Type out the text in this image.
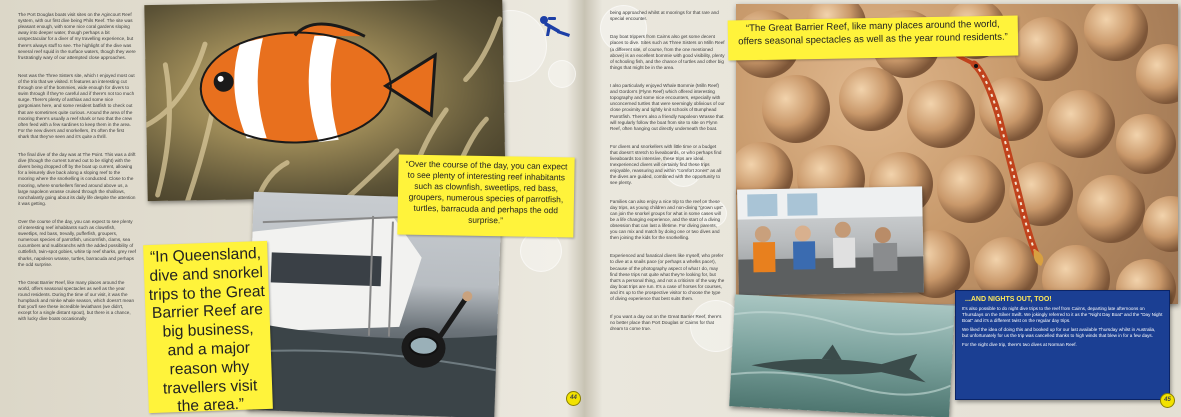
The Port Douglas boats visit sites on the Agincourt Reef system, with our first dive being Phils Reef. The site was pleasant enough, with some nice coral gardens sloping away into deeper water, though perhaps a bit unspectacular for a diver of my travelling experience, but there's always stuff to see. The highlight of the dive was several reef squid in the surface waters, though they were frustratingly wary of our attempted close approaches.

Next was the Three Sisters site, which I enjoyed most out of the trio that we visited. It features an interesting cut through one of the bommies, wide enough for divers to swim through if they're careful and if there's not too much surge. There's plenty of anthias and some nice gorgonians here, and some resident batfish to check out that are sometimes quite curious. Around the area of the mooring there's usually a reef shark or two that the crew often feed with a few sardines to keep them in the area. For the new divers and snorkellers, it's often the first shark that they've seen and it's quite a thrill.

The final dive of the day was at The Point. This was a drift dive (though the current turned out to be slight) with the divers being dropped off by the boat up current, allowing for a leisurely dive back along a sloping reef to the mooring where the snorkelling is conducted. Close to the mooring, where snorkellers finned around above us, a large napoleon wrasse cruised through the shallows, nonchalantly going about its daily life despite the attention it was getting.

Over the course of the day, you can expect to see plenty of interesting reef inhabitants such as clownfish, sweetlips, red bass, trevally, pufferfish, groupers, numerous species of parrotfish, unicornfish, clams, sea cucumbers and nudibranchs with the added possibility of cuttlefish, twin-spot gobies, white tip reef sharks, grey reef sharks, napoleon wrasse, turtles, barracuda and perhaps the odd surprise.

The Great Barrier Reef, like many places around the world, offers seasonal spectacles as well as the year round residents. During the time of our visit, it was the humpback and minke whale season, which doesn't mean that you'll see these incredible leviathans (we didn't, except for a single distant spout), but there is a chance, with lucky dive boats occasionally

“Over the course of the day, you can expect to see plenty of interesting reef inhabitants such as clownfish, sweetlips, red bass, groupers, numerous species of parrotfish, turtles, barracuda and perhaps the odd surprise.”
“In Queensland, dive and snorkel trips to the Great Barrier Reef are big business, and a major reason why travellers visit the area.”	44

being approached whilst at moorings for that rare and special encounter.

Day boat trippers from Cairns also get some decent places to dive. Sites such as Three Sisters on Milln Reef (a different site, of course, from the one mentioned above) is an excellent bommie with good visibility, plenty of schooling fish, and the chance of turtles and other big things that might be in the area.

I also particularly enjoyed Whale Bommie (Milln Reef) and Gordon's (Flynn Reef) which offered interesting topography and some nice encounters, especially with unconcerned turtles that were seemingly oblivious of our close proximity and tightly knit schools of Bumphead Parrotfish. There's also a friendly Napoleon Wrasse that will regularly follow the boat from site to site on Flynn Reef, often hanging out directly underneath the boat.

For divers and snorkellers with little time or a budget that doesn't stretch to liveaboards, or who perhaps find liveaboards too intensive, these trips are ideal. Inexperienced divers will certainly find these trips enjoyable, reassuring and within "comfort zones" as all the dives are guided, combined with the opportunity to see plenty.

Families can also enjoy a nice trip to the reef on these day trips, as young children and non-diving "grown ups" can join the snorkel groups for what in some cases will be a life changing experience, and the start of a diving obsession that can last a lifetime. For diving parents, you can mix and match by doing one or two dives and then joining the kids for the snorkelling.

Experienced and fanatical divers like myself, who prefer to dive at a snails pace (or perhaps a whelks pace!), because of the photography aspect of what I do, may find these trips not quite what they're looking for, but that's a personal thing, and not a criticism of the way the day boat trips are run. It's a case of horses for courses, and it's up to the prospective visitor to choose the type of diving experience that best suits them.

If you want a day out on the Great Barrier Reef, there's no better place than Port Douglas or Cairns for that dream to come true.

“The Great Barrier Reef, like many places around the world, offers seasonal spectacles as well as the year round residents.”
...AND NIGHTS OUT, TOO!
It's also possible to do night dive trips to the reef from Cairns, departing late afternoons on Thursdays on the Silver Swift. We jokingly referred to it as the "Night Day Boat" and the "Day Night Boat" and it's a different twist on the regular day trips.
We liked the idea of doing this and booked up for our last available Thursday whilst in Australia, but unfortunately for us the trip was cancelled thanks to high winds that blew in for a few days.
For the night dive trip, there's two dives at Norman Reef.
45
